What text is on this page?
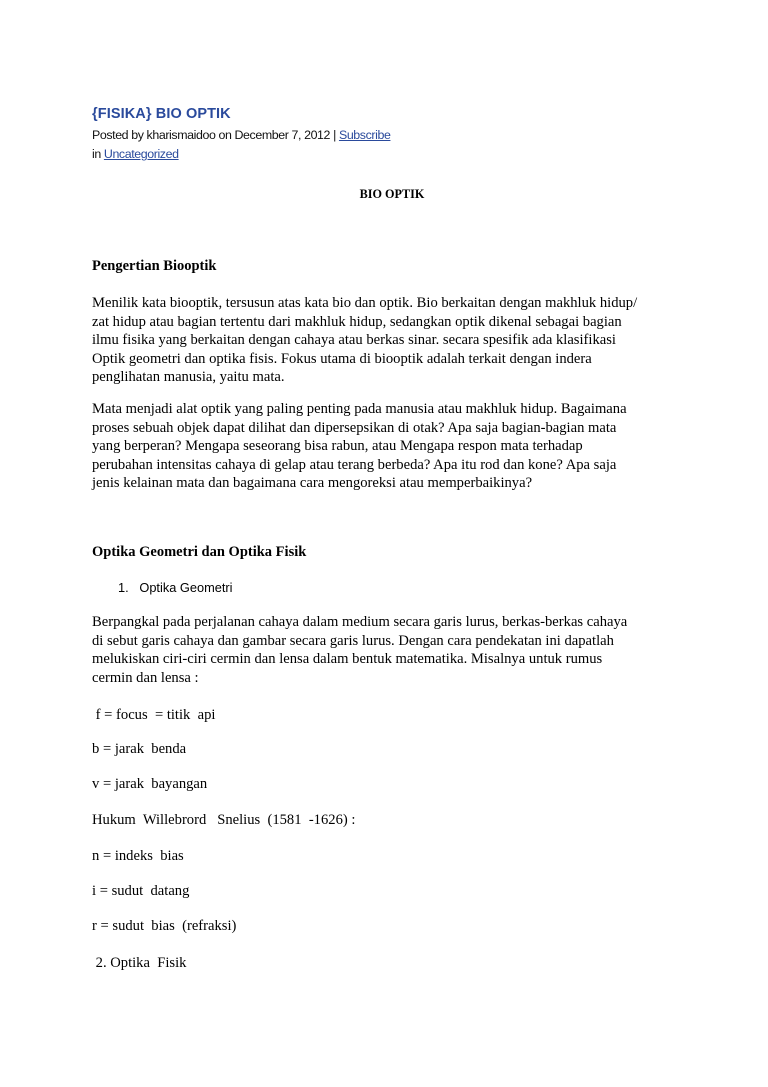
{FISIKA} BIO OPTIK
Posted by kharismaidoo on December 7, 2012 | Subscribe
in Uncategorized
BIO OPTIK

Pengertian Biooptik

Menilik kata biooptik, tersusun atas kata bio dan optik. Bio berkaitan dengan makhluk hidup/
zat hidup atau bagian tertentu dari makhluk hidup, sedangkan optik dikenal sebagai bagian
ilmu fisika yang berkaitan dengan cahaya atau berkas sinar. secara spesifik ada klasifikasi
Optik geometri dan optika fisis. Fokus utama di biooptik adalah terkait dengan indera
penglihatan manusia, yaitu mata.

Mata menjadi alat optik yang paling penting pada manusia atau makhluk hidup. Bagaimana
proses sebuah objek dapat dilihat dan dipersepsikan di otak? Apa saja bagian-bagian mata
yang berperan? Mengapa seseorang bisa rabun, atau Mengapa respon mata terhadap
perubahan intensitas cahaya di gelap atau terang berbeda? Apa itu rod dan kone? Apa saja
jenis kelainan mata dan bagaimana cara mengoreksi atau memperbaikinya?

Optika Geometri dan Optika Fisik

1. Optika Geometri

Berpangkal pada perjalanan cahaya dalam medium secara garis lurus, berkas-berkas cahaya
di sebut garis cahaya dan gambar secara garis lurus. Dengan cara pendekatan ini dapatlah
melukiskan ciri-ciri cermin dan lensa dalam bentuk matematika. Misalnya untuk rumus
cermin dan lensa :

f = focus  = titik  api

b = jarak  benda

v = jarak  bayangan

Hukum  Willebrord   Snelius  (1581  -1626) :

n = indeks  bias

i = sudut  datang

r = sudut  bias  (refraksi)

2. Optika  Fisik
